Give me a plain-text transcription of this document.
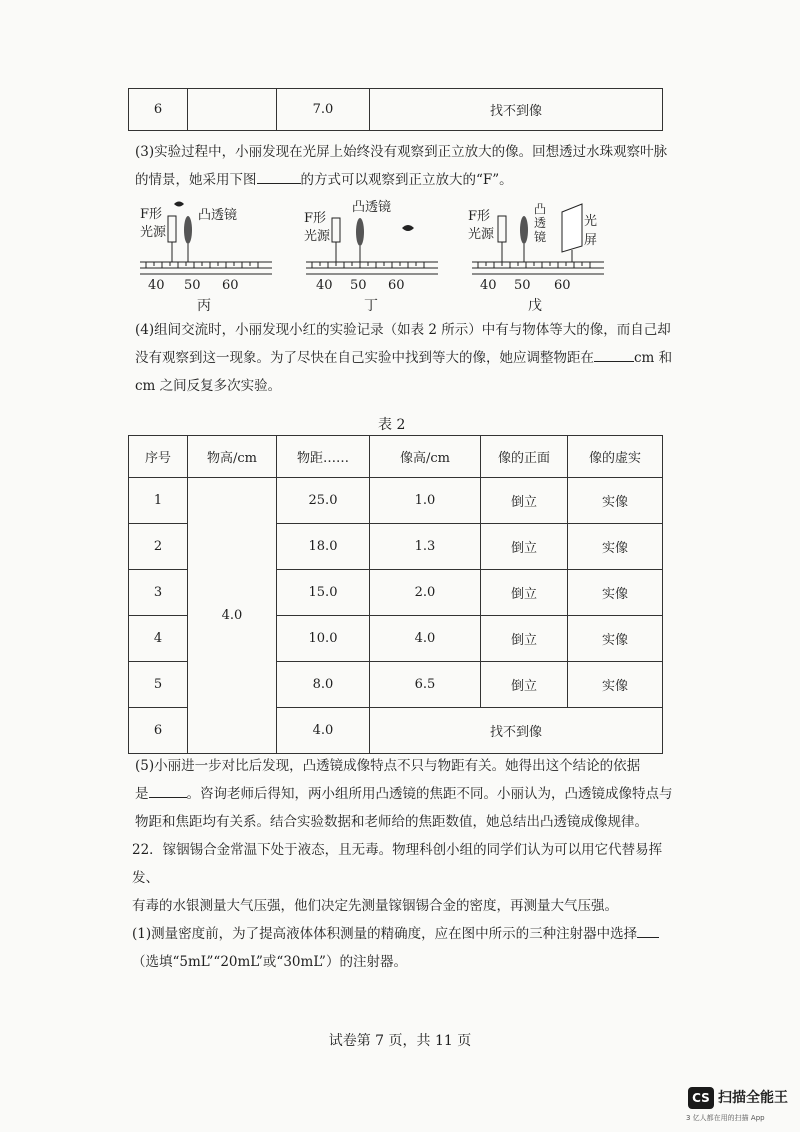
6		7.0	找不到像
(3)实验过程中，小丽发现在光屏上始终没有观察到正立放大的像。回想透过水珠观察叶脉
的情景，她采用下图	的方式可以观察到正立放大的“F”。
F形
光源
凸透镜
40 50 60
丙
F形
光源
凸透镜
40 50 60
丁
F形
光源
凸
透
镜
光屏
40 50 60
戊
(4)组间交流时，小丽发现小红的实验记录（如表 2 所示）中有与物体等大的像，而自己却
没有观察到这一现象。为了尽快在自己实验中找到等大的像，她应调整物距在	cm 和
cm 之间反复多次实验。
表 2
序号	物高/cm	物距……	像高/cm	像的正面	像的虚实
1	4.0	25.0	1.0	倒立	实像
2		18.0	1.3	倒立	实像
3		15.0	2.0	倒立	实像
4		10.0	4.0	倒立	实像
5		8.0	6.5	倒立	实像
6		4.0	找不到像		
(5)小丽进一步对比后发现，凸透镜成像特点不只与物距有关。她得出这个结论的依据
是	。咨询老师后得知，两小组所用凸透镜的焦距不同。小丽认为，凸透镜成像特点与
物距和焦距均有关系。结合实验数据和老师给的焦距数值，她总结出凸透镜成像规律。
22．镓铟锡合金常温下处于液态，且无毒。物理科创小组的同学们认为可以用它代替易挥发、
有毒的水银测量大气压强，他们决定先测量镓铟锡合金的密度，再测量大气压强。
(1)测量密度前，为了提高液体体积测量的精确度，应在图中所示的三种注射器中选择
（选填“5mL”“20mL”或“30mL”）的注射器。
试卷第 7 页，共 11 页
CS 扫描全能王
3 亿人都在用的扫描 App
